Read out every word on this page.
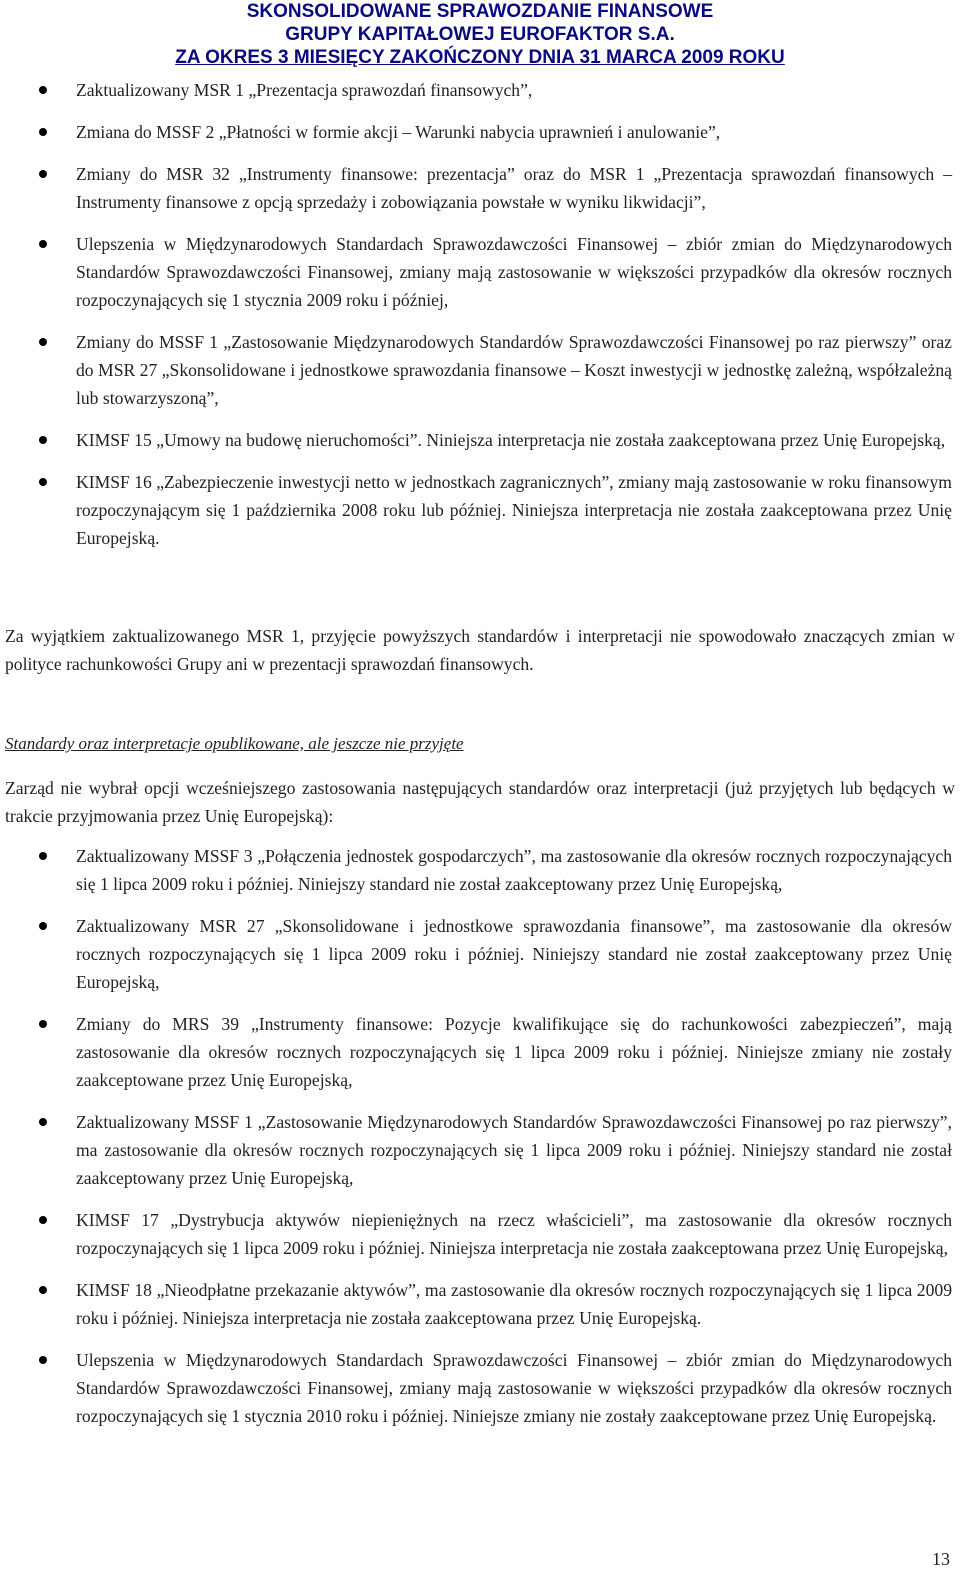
SKONSOLIDOWANE SPRAWOZDANIE FINANSOWE
GRUPY KAPITAŁOWEJ EUROFAKTOR S.A.
ZA OKRES 3 MIESIĘCY ZAKOŃCZONY DNIA 31 MARCA 2009 ROKU
Zaktualizowany MSR 1 „Prezentacja sprawozdań finansowych”,
Zmiana do MSSF 2 „Płatności w formie akcji – Warunki nabycia uprawnień i anulowanie”,
Zmiany do MSR 32 „Instrumenty finansowe: prezentacja” oraz do MSR 1 „Prezentacja sprawozdań finansowych – Instrumenty finansowe z opcją sprzedaży i zobowiązania powstałe w wyniku likwidacji”,
Ulepszenia w Międzynarodowych Standardach Sprawozdawczości Finansowej – zbiór zmian do Międzynarodowych Standardów Sprawozdawczości Finansowej, zmiany mają zastosowanie w większości przypadków dla okresów rocznych rozpoczynających się 1 stycznia 2009 roku i później,
Zmiany do MSSF 1 „Zastosowanie Międzynarodowych Standardów Sprawozdawczości Finansowej po raz pierwszy” oraz do MSR 27 „Skonsolidowane i jednostkowe sprawozdania finansowe – Koszt inwestycji w jednostkę zależną, współzależną lub stowarzyszoną”,
KIMSF 15 „Umowy na budowę nieruchomości”. Niniejsza interpretacja nie została zaakceptowana przez Unię Europejską,
KIMSF 16 „Zabezpieczenie inwestycji netto w jednostkach zagranicznych”, zmiany mają zastosowanie w roku finansowym rozpoczynającym się 1 października 2008 roku lub później. Niniejsza interpretacja nie została zaakceptowana przez Unię Europejską.

Za wyjątkiem zaktualizowanego MSR 1, przyjęcie powyższych standardów i interpretacji nie spowodowało znaczących zmian w polityce rachunkowości Grupy ani w prezentacji sprawozdań finansowych.

Standardy oraz interpretacje opublikowane, ale jeszcze nie przyjęte

Zarząd nie wybrał opcji wcześniejszego zastosowania następujących standardów oraz interpretacji (już przyjętych lub będących w trakcie przyjmowania przez Unię Europejską):

Zaktualizowany MSSF 3 „Połączenia jednostek gospodarczych”, ma zastosowanie dla okresów rocznych rozpoczynających się 1 lipca 2009 roku i później. Niniejszy standard nie został zaakceptowany przez Unię Europejską,
Zaktualizowany MSR 27 „Skonsolidowane i jednostkowe sprawozdania finansowe”, ma zastosowanie dla okresów rocznych rozpoczynających się 1 lipca 2009 roku i później. Niniejszy standard nie został zaakceptowany przez Unię Europejską,
Zmiany do MRS 39 „Instrumenty finansowe: Pozycje kwalifikujące się do rachunkowości zabezpieczeń”, mają zastosowanie dla okresów rocznych rozpoczynających się 1 lipca 2009 roku i później. Niniejsze zmiany nie zostały zaakceptowane przez Unię Europejską,
Zaktualizowany MSSF 1 „Zastosowanie Międzynarodowych Standardów Sprawozdawczości Finansowej po raz pierwszy”, ma zastosowanie dla okresów rocznych rozpoczynających się 1 lipca 2009 roku i później. Niniejszy standard nie został zaakceptowany przez Unię Europejską,
KIMSF 17 „Dystrybucja aktywów niepieniężnych na rzecz właścicieli”, ma zastosowanie dla okresów rocznych rozpoczynających się 1 lipca 2009 roku i później. Niniejsza interpretacja nie została zaakceptowana przez Unię Europejską,
KIMSF 18 „Nieodpłatne przekazanie aktywów”, ma zastosowanie dla okresów rocznych rozpoczynających się 1 lipca 2009 roku i później. Niniejsza interpretacja nie została zaakceptowana przez Unię Europejską.
Ulepszenia w Międzynarodowych Standardach Sprawozdawczości Finansowej – zbiór zmian do Międzynarodowych Standardów Sprawozdawczości Finansowej, zmiany mają zastosowanie w większości przypadków dla okresów rocznych rozpoczynających się 1 stycznia 2010 roku i później. Niniejsze zmiany nie zostały zaakceptowane przez Unię Europejską.
13
